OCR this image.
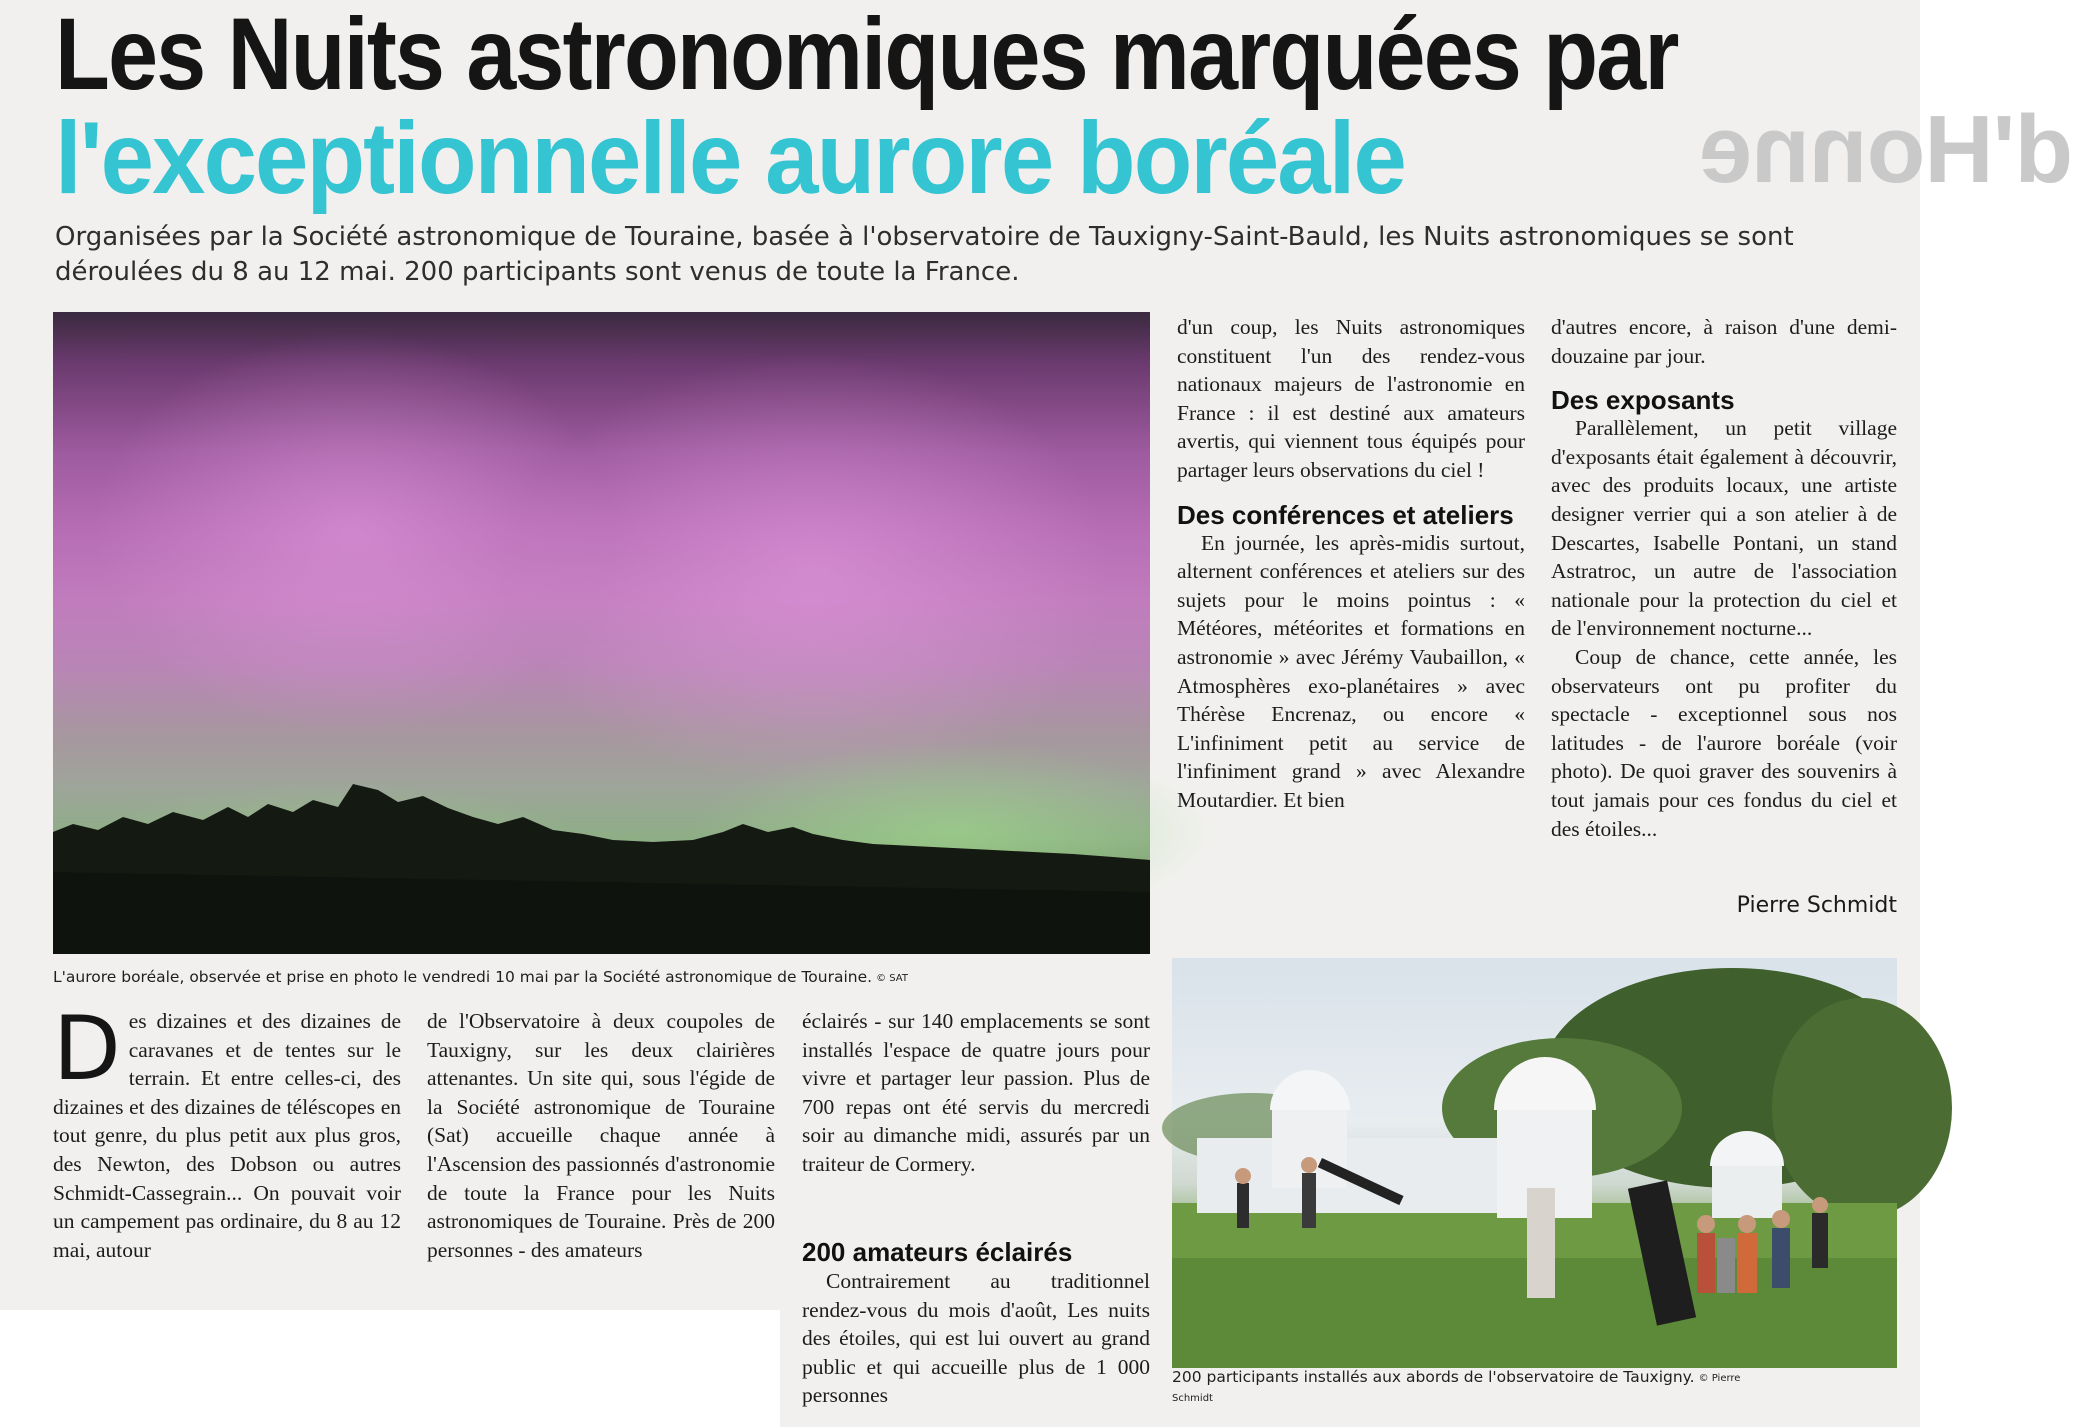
d'Honne
Les Nuits astronomiques marquées par
l'exceptionnelle aurore boréale
Organisées par la Société astronomique de Touraine, basée à l'observatoire de Tauxigny-Saint-Bauld, les Nuits astronomiques se sont déroulées du 8 au 12 mai. 200 participants sont venus de toute la France.
L'aurore boréale, observée et prise en photo le vendredi 10 mai par la Société astronomique de Touraine. © SAT

d'un coup, les Nuits astronomiques constituent l'un des rendez-vous nationaux majeurs de l'astronomie en France : il est destiné aux amateurs avertis, qui viennent tous équipés pour partager leurs observations du ciel !

Des conférences et ateliers

En journée, les après-midis surtout, alternent conférences et ateliers sur des sujets pour le moins pointus : « Météores, météorites et formations en astronomie » avec Jérémy Vaubaillon, « Atmosphères exo-planétaires » avec Thérèse Encrenaz, ou encore « L'infiniment petit au service de l'infiniment grand » avec Alexandre Moutardier. Et bien

d'autres encore, à raison d'une demi-douzaine par jour.

Des exposants

Parallèlement, un petit village d'exposants était également à découvrir, avec des produits locaux, une artiste designer verrier qui a son atelier à de Descartes, Isabelle Pontani, un stand Astratroc, un autre de l'association nationale pour la protection du ciel et de l'environnement nocturne...

Coup de chance, cette année, les observateurs ont pu profiter du spectacle - exceptionnel sous nos latitudes - de l'aurore boréale (voir photo). De quoi graver des souvenirs à tout jamais pour ces fondus du ciel et des étoiles...

Pierre Schmidt

Des dizaines et des dizaines de caravanes et de tentes sur le terrain. Et entre celles-ci, des dizaines et des dizaines de téléscopes en tout genre, du plus petit aux plus gros, des Newton, des Dobson ou autres Schmidt-Cassegrain... On pouvait voir un campement pas ordinaire, du 8 au 12 mai, autour

de l'Observatoire à deux coupoles de Tauxigny, sur les deux clairières attenantes. Un site qui, sous l'égide de la Société astronomique de Touraine (Sat) accueille chaque année à l'Ascension des passionnés d'astronomie de toute la France pour les Nuits astronomiques de Touraine. Près de 200 personnes - des amateurs

éclairés - sur 140 emplacements se sont installés l'espace de quatre jours pour vivre et partager leur passion. Plus de 700 repas ont été servis du mercredi soir au dimanche midi, assurés par un traiteur de Cormery.

200 amateurs éclairés

Contrairement au traditionnel rendez-vous du mois d'août, Les nuits des étoiles, qui est lui ouvert au grand public et qui accueille plus de 1 000 personnes

200 participants installés aux abords de l'observatoire de Tauxigny. © Pierre
Schmidt
